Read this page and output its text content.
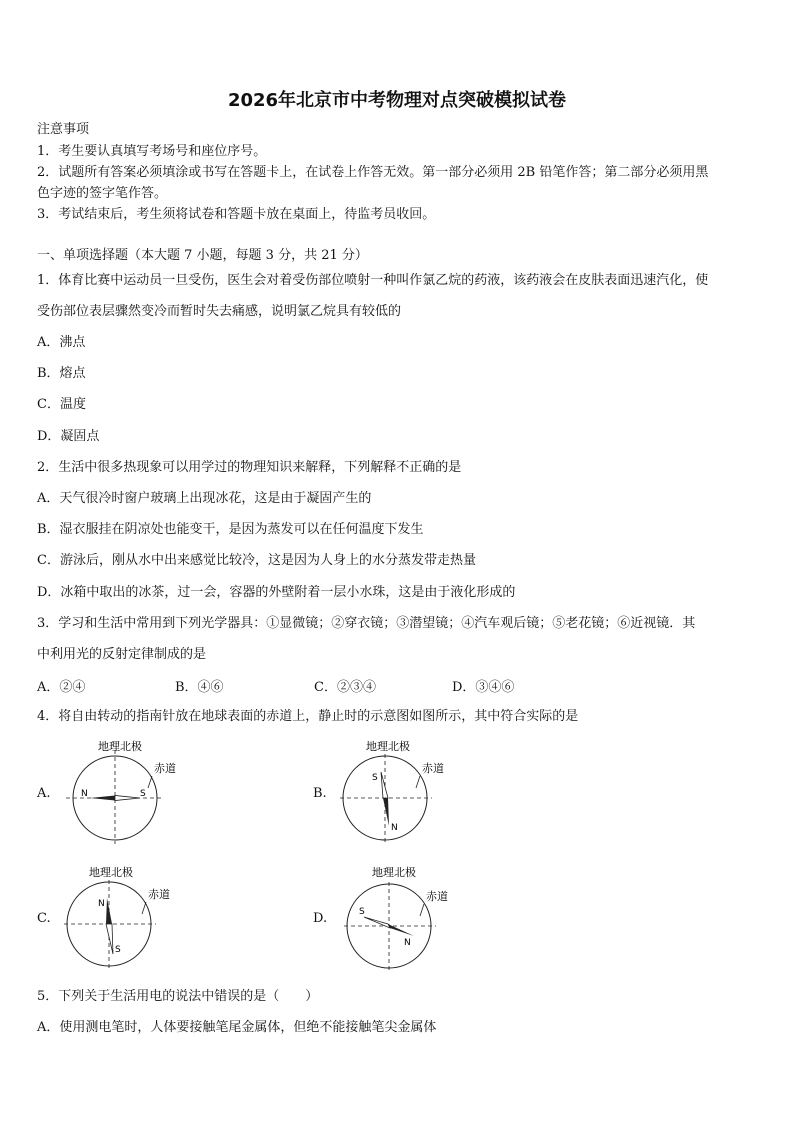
2026年北京市中考物理对点突破模拟试卷
注意事项
1．考生要认真填写考场号和座位序号。
2．试题所有答案必须填涂或书写在答题卡上，在试卷上作答无效。第一部分必须用 2B 铅笔作答；第二部分必须用黑
色字迹的签字笔作答。
3．考试结束后，考生须将试卷和答题卡放在桌面上，待监考员收回。
一、单项选择题（本大题 7 小题，每题 3 分，共 21 分）
1．体育比赛中运动员一旦受伤，医生会对着受伤部位喷射一种叫作氯乙烷的药液，该药液会在皮肤表面迅速汽化，使
受伤部位表层骤然变冷而暂时失去痛感，说明氯乙烷具有较低的
A．沸点
B．熔点
C．温度
D．凝固点
2．生活中很多热现象可以用学过的物理知识来解释，下列解释不正确的是
A．天气很冷时窗户玻璃上出现冰花，这是由于凝固产生的
B．湿衣服挂在阴凉处也能变干，是因为蒸发可以在任何温度下发生
C．游泳后，刚从水中出来感觉比较冷，这是因为人身上的水分蒸发带走热量
D．冰箱中取出的冰茶，过一会，容器的外壁附着一层小水珠，这是由于液化形成的
3．学习和生活中常用到下列光学器具：①显微镜；②穿衣镜；③潜望镜；④汽车观后镜；⑤老花镜；⑥近视镜．其
中利用光的反射定律制成的是
A．②④	B．④⑥	C．②③④	D．③④⑥
4．将自由转动的指南针放在地球表面的赤道上，静止时的示意图如图所示，其中符合实际的是
A.
地理北极
赤道
N	S	B.
地理北极
赤道
S
N
C.
地理北极
赤道
N
S
D.
地理北极
赤道
S
N
5．下列关于生活用电的说法中错误的是（　　）
A．使用测电笔时，人体要接触笔尾金属体，但绝不能接触笔尖金属体
